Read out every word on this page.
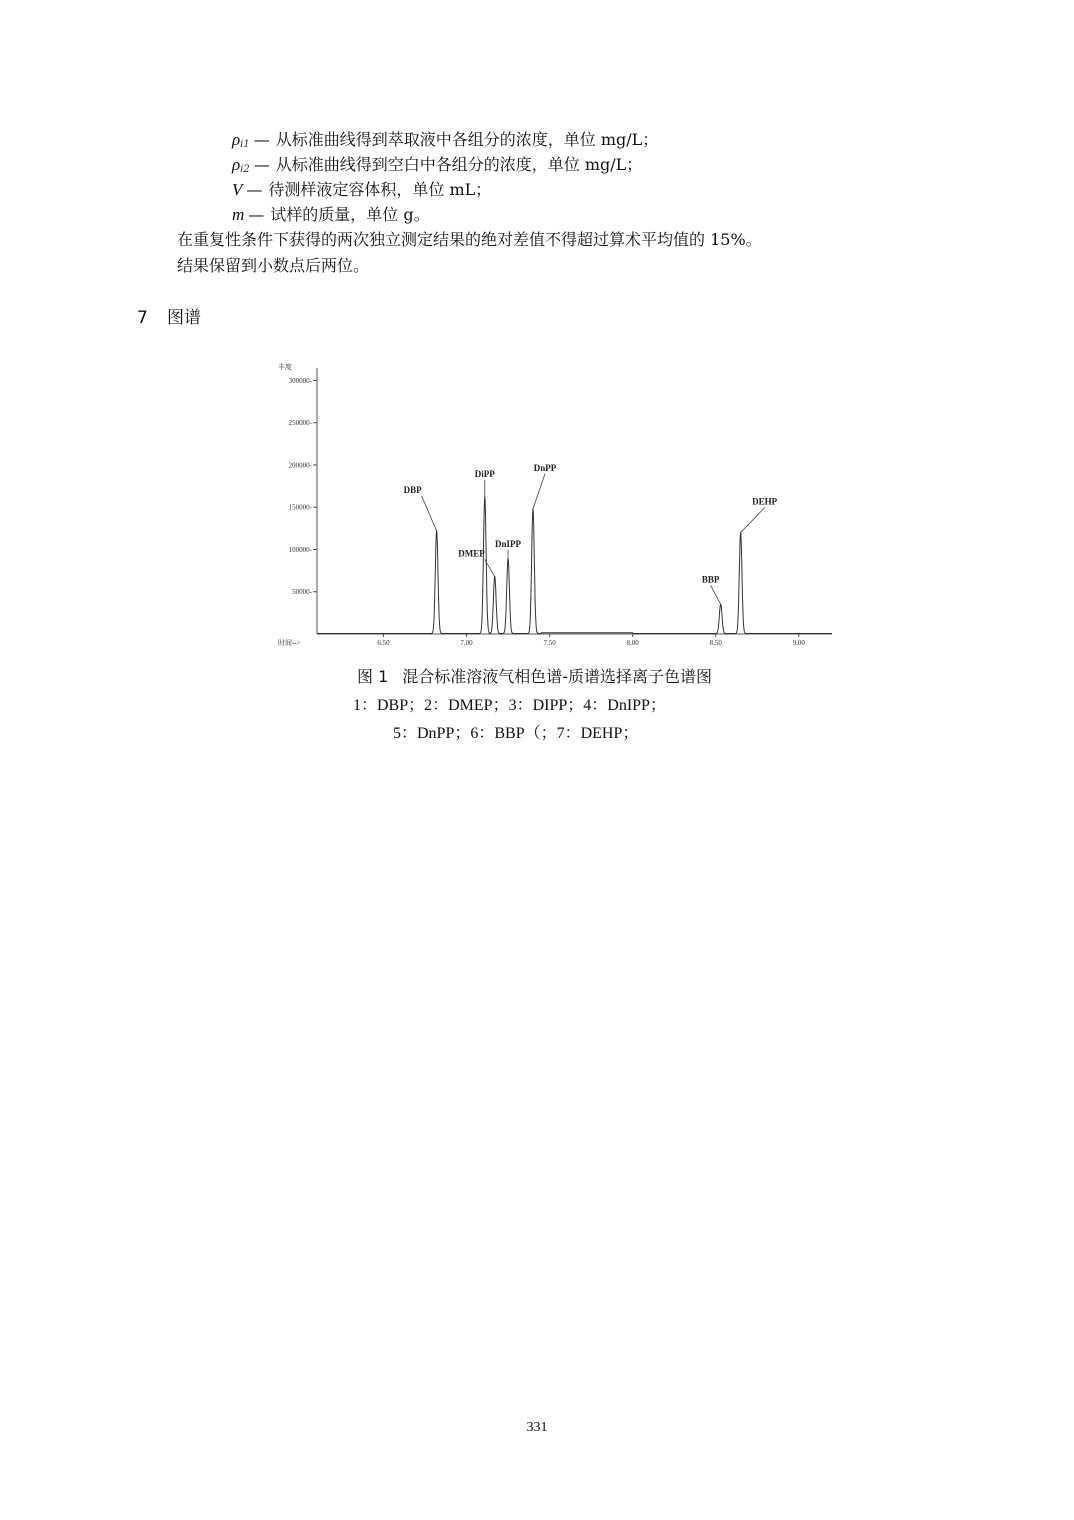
$\rho_{i1}$ — 从标准曲线得到萃取液中各组分的浓度，单位 mg/L；
$\rho_{i2}$ — 从标准曲线得到空白中各组分的浓度，单位 mg/L；
V — 待测样液定容体积，单位 mL；
m — 试样的质量，单位 g。
在重复性条件下获得的两次独立测定结果的绝对差值不得超过算术平均值的 15%。
结果保留到小数点后两位。
7 图谱
50000-
100000-
150000-
200000-
250000-
300000-
6.50	7.00	7.50	8.00	8.50	9.00
丰度
时间-->
DBP
DMEP
DiPP
DnIPP
DnPP
BBP
DEHP
图 1 混合标准溶液气相色谱-质谱选择离子色谱图
1：DBP；2：DMEP；3：DIPP；4：DnIPP；
5：DnPP；6：BBP（；7：DEHP；
331
